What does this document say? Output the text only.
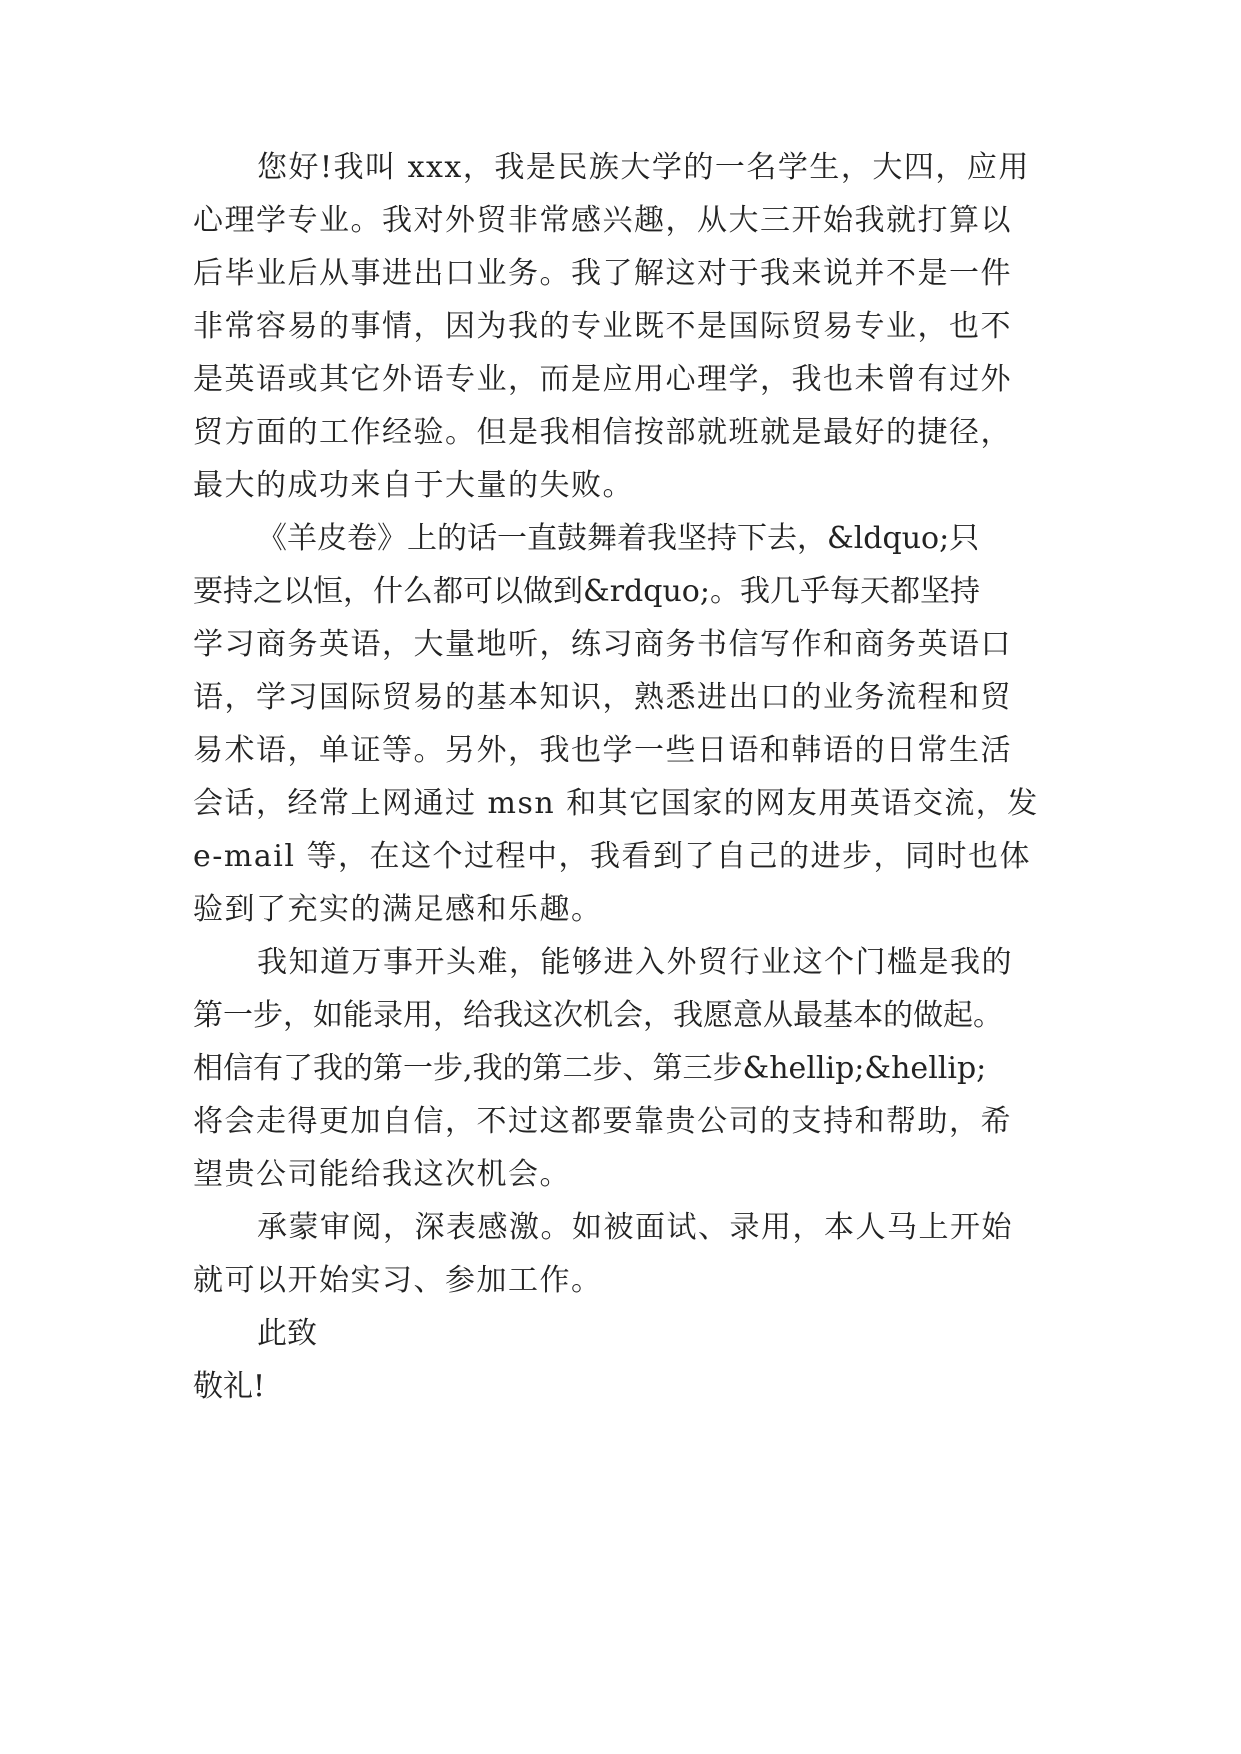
您好!我叫 xxx，我是民族大学的一名学生，大四，应用
心理学专业。我对外贸非常感兴趣，从大三开始我就打算以
后毕业后从事进出口业务。我了解这对于我来说并不是一件
非常容易的事情，因为我的专业既不是国际贸易专业，也不
是英语或其它外语专业，而是应用心理学，我也未曾有过外
贸方面的工作经验。但是我相信按部就班就是最好的捷径，
最大的成功来自于大量的失败。
《羊皮卷》上的话一直鼓舞着我坚持下去，&ldquo;只
要持之以恒，什么都可以做到&rdquo;。我几乎每天都坚持
学习商务英语，大量地听，练习商务书信写作和商务英语口
语，学习国际贸易的基本知识，熟悉进出口的业务流程和贸
易术语，单证等。另外，我也学一些日语和韩语的日常生活
会话，经常上网通过 msn 和其它国家的网友用英语交流，发
e-mail 等，在这个过程中，我看到了自己的进步，同时也体
验到了充实的满足感和乐趣。
我知道万事开头难，能够进入外贸行业这个门槛是我的
第一步，如能录用，给我这次机会，我愿意从最基本的做起。
相信有了我的第一步,我的第二步、第三步&hellip;&hellip;
将会走得更加自信，不过这都要靠贵公司的支持和帮助，希
望贵公司能给我这次机会。
承蒙审阅，深表感激。如被面试、录用，本人马上开始
就可以开始实习、参加工作。
此致
敬礼!
